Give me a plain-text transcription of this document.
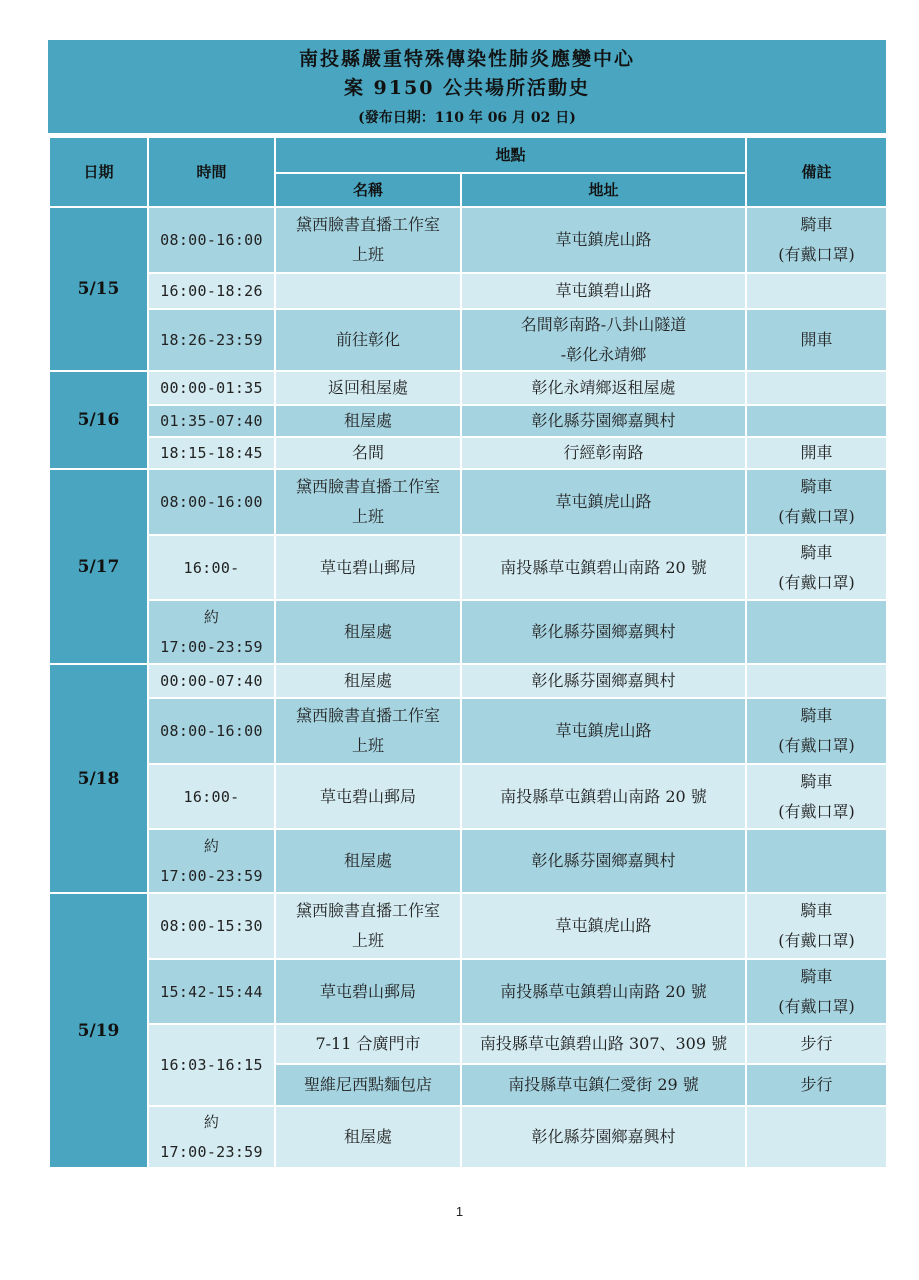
南投縣嚴重特殊傳染性肺炎應變中心
案 9150 公共場所活動史
(發布日期：110 年 06 月 02 日)
日期	時間	地點		備註
		名稱	地址	
5/15	08:00-16:00	黛西臉書直播工作室
上班	草屯鎮虎山路	騎車
(有戴口罩)
	16:00-18:26		草屯鎮碧山路	
	18:26-23:59	前往彰化	名間彰南路-八卦山隧道
-彰化永靖鄉	開車
5/16	00:00-01:35	返回租屋處	彰化永靖鄉返租屋處	
	01:35-07:40	租屋處	彰化縣芬園鄉嘉興村	
	18:15-18:45	名間	行經彰南路	開車
5/17	08:00-16:00	黛西臉書直播工作室
上班	草屯鎮虎山路	騎車
(有戴口罩)
	16:00-	草屯碧山郵局	南投縣草屯鎮碧山南路 20 號	騎車
(有戴口罩)
	約
17:00-23:59	租屋處	彰化縣芬園鄉嘉興村	
5/18	00:00-07:40	租屋處	彰化縣芬園鄉嘉興村	
	08:00-16:00	黛西臉書直播工作室
上班	草屯鎮虎山路	騎車
(有戴口罩)
	16:00-	草屯碧山郵局	南投縣草屯鎮碧山南路 20 號	騎車
(有戴口罩)
	約
17:00-23:59	租屋處	彰化縣芬園鄉嘉興村	
5/19	08:00-15:30	黛西臉書直播工作室
上班	草屯鎮虎山路	騎車
(有戴口罩)
	15:42-15:44	草屯碧山郵局	南投縣草屯鎮碧山南路 20 號	騎車
(有戴口罩)
	16:03-16:15	7-11 合廣門市	南投縣草屯鎮碧山路 307、309 號	步行
		聖維尼西點麵包店	南投縣草屯鎮仁愛街 29 號	步行
	約
17:00-23:59	租屋處	彰化縣芬園鄉嘉興村	
1
